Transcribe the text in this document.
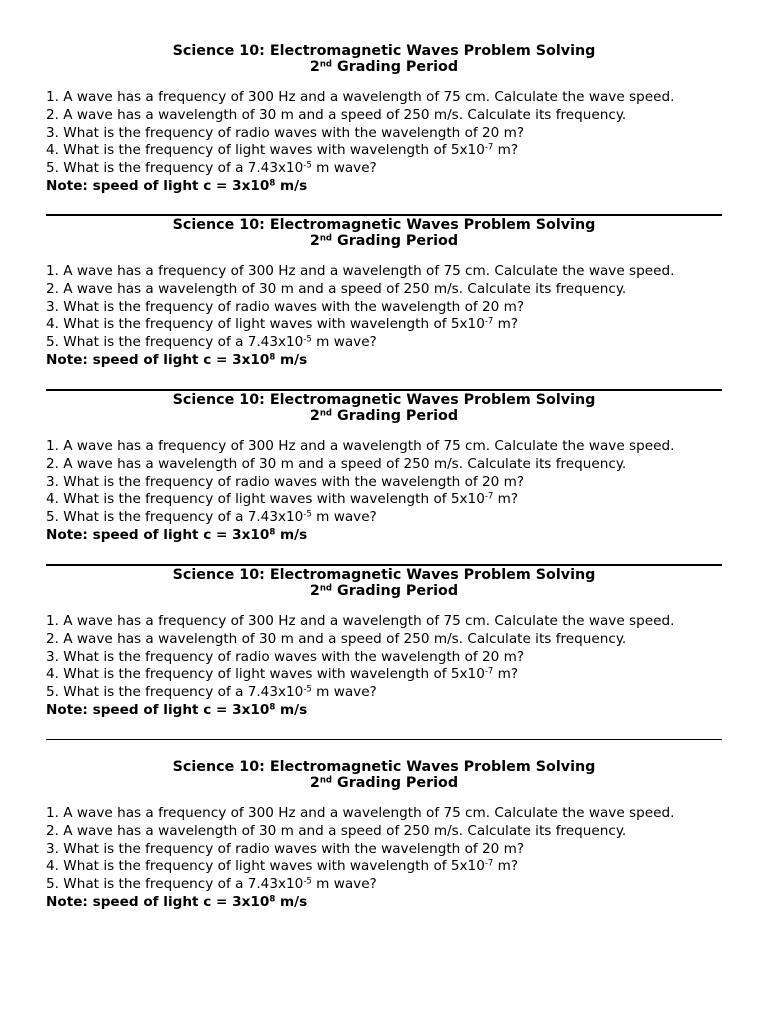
Science 10: Electromagnetic Waves Problem Solving
2nd Grading Period
1. A wave has a frequency of 300 Hz and a wavelength of 75 cm. Calculate the wave speed.
2. A wave has a wavelength of 30 m and a speed of 250 m/s. Calculate its frequency.
3. What is the frequency of radio waves with the wavelength of 20 m?
4. What is the frequency of light waves with wavelength of $5x10^{-7}$ m?
5. What is the frequency of a $7.43x10^{-5}$ m wave?
Note: speed of light $c = 3x10^8$ m/s
Science 10: Electromagnetic Waves Problem Solving
2nd Grading Period
1. A wave has a frequency of 300 Hz and a wavelength of 75 cm. Calculate the wave speed.
2. A wave has a wavelength of 30 m and a speed of 250 m/s. Calculate its frequency.
3. What is the frequency of radio waves with the wavelength of 20 m?
4. What is the frequency of light waves with wavelength of $5x10^{-7}$ m?
5. What is the frequency of a $7.43x10^{-5}$ m wave?
Note: speed of light $c = 3x10^8$ m/s
Science 10: Electromagnetic Waves Problem Solving
2nd Grading Period
1. A wave has a frequency of 300 Hz and a wavelength of 75 cm. Calculate the wave speed.
2. A wave has a wavelength of 30 m and a speed of 250 m/s. Calculate its frequency.
3. What is the frequency of radio waves with the wavelength of 20 m?
4. What is the frequency of light waves with wavelength of $5x10^{-7}$ m?
5. What is the frequency of a $7.43x10^{-5}$ m wave?
Note: speed of light $c = 3x10^8$ m/s
Science 10: Electromagnetic Waves Problem Solving
2nd Grading Period
1. A wave has a frequency of 300 Hz and a wavelength of 75 cm. Calculate the wave speed.
2. A wave has a wavelength of 30 m and a speed of 250 m/s. Calculate its frequency.
3. What is the frequency of radio waves with the wavelength of 20 m?
4. What is the frequency of light waves with wavelength of $5x10^{-7}$ m?
5. What is the frequency of a $7.43x10^{-5}$ m wave?
Note: speed of light $c = 3x10^8$ m/s
Science 10: Electromagnetic Waves Problem Solving
2nd Grading Period
1. A wave has a frequency of 300 Hz and a wavelength of 75 cm. Calculate the wave speed.
2. A wave has a wavelength of 30 m and a speed of 250 m/s. Calculate its frequency.
3. What is the frequency of radio waves with the wavelength of 20 m?
4. What is the frequency of light waves with wavelength of $5x10^{-7}$ m?
5. What is the frequency of a $7.43x10^{-5}$ m wave?
Note: speed of light $c = 3x10^8$ m/s
